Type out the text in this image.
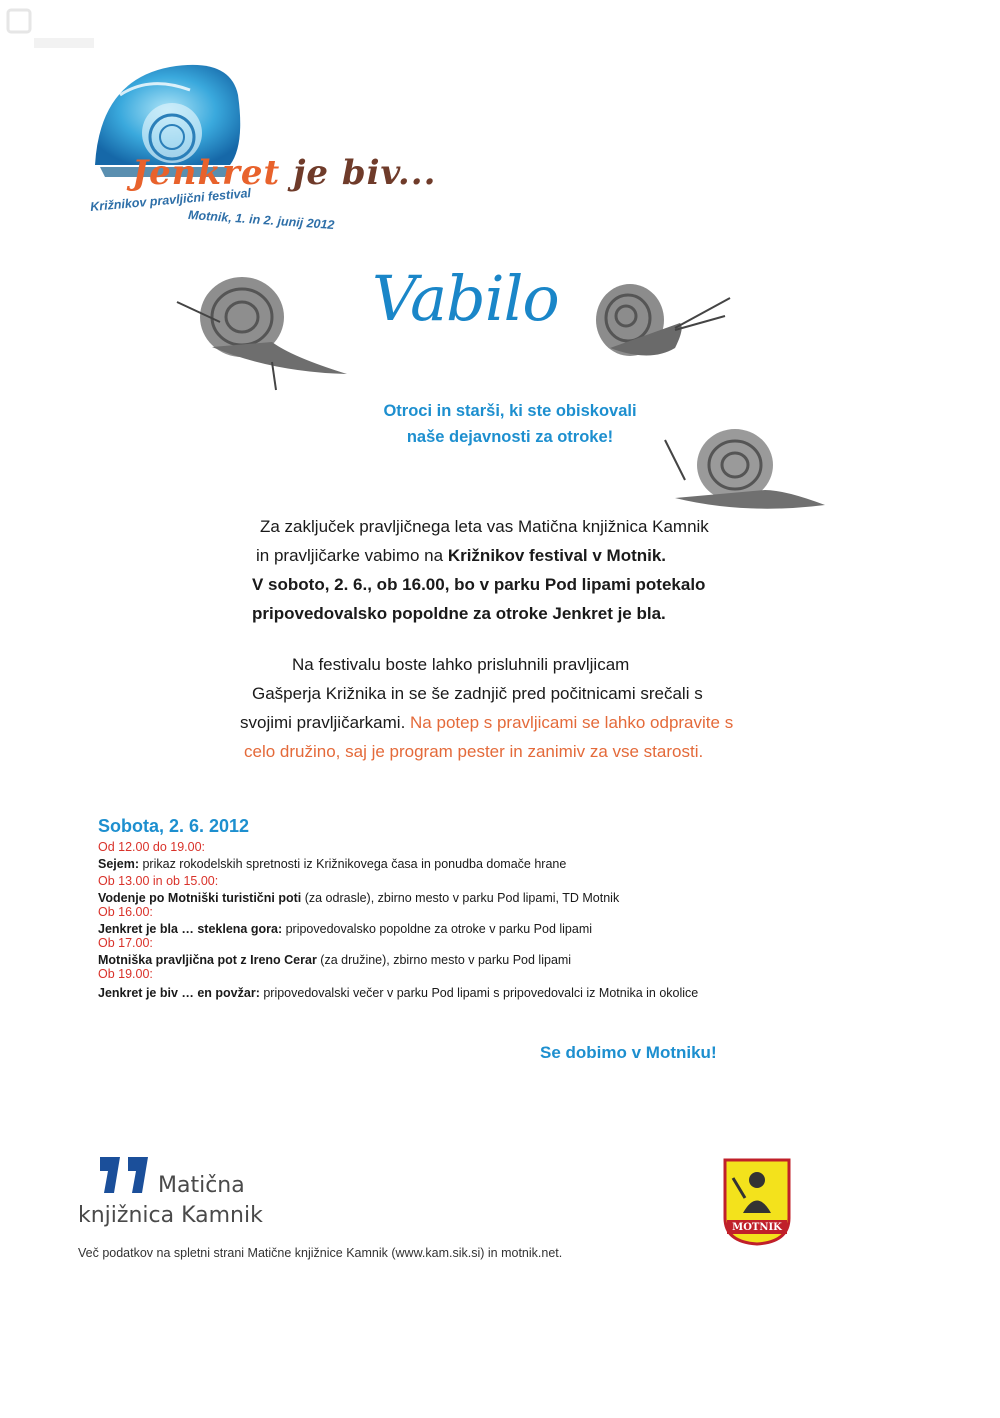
Jenkret je biv...
Križnikov pravljični festival
Motnik, 1. in 2. junij 2012
Vabilo
Otroci in starši, ki ste obiskovali
naše dejavnosti za otroke!
Za zaključek pravljičnega leta vas Matična knjižnica Kamnik
in pravljičarke vabimo na Križnikov festival v Motnik.
V soboto, 2. 6., ob 16.00, bo v parku Pod lipami potekalo
pripovedovalsko popoldne za otroke Jenkret je bla.
Na festivalu boste lahko prisluhnili pravljicam
Gašperja Križnika in se še zadnjič pred počitnicami srečali s
svojimi pravljičarkami. Na potep s pravljicami se lahko odpravite s
celo družino, saj je program pester in zanimiv za vse starosti.
Sobota, 2. 6. 2012
Od 12.00 do 19.00:
Sejem: prikaz rokodelskih spretnosti iz Križnikovega časa in ponudba domače hrane
Ob 13.00 in ob 15.00:
Vodenje po Motniški turistični poti (za odrasle), zbirno mesto v parku Pod lipami, TD Motnik
Ob 16.00:
Jenkret je bla … steklena gora: pripovedovalsko popoldne za otroke v parku Pod lipami
Ob 17.00:
Motniška pravljična pot z Ireno Cerar (za družine), zbirno mesto v parku Pod lipami
Ob 19.00:
Jenkret je biv … en povžar: pripovedovalski večer v parku Pod lipami s pripovedovalci iz Motnika in okolice
Se dobimo v Motniku!
Matična
knjižnica Kamnik
Več podatkov na spletni strani Matične knjižnice Kamnik (www.kam.sik.si) in motnik.net.
MOTNIK
